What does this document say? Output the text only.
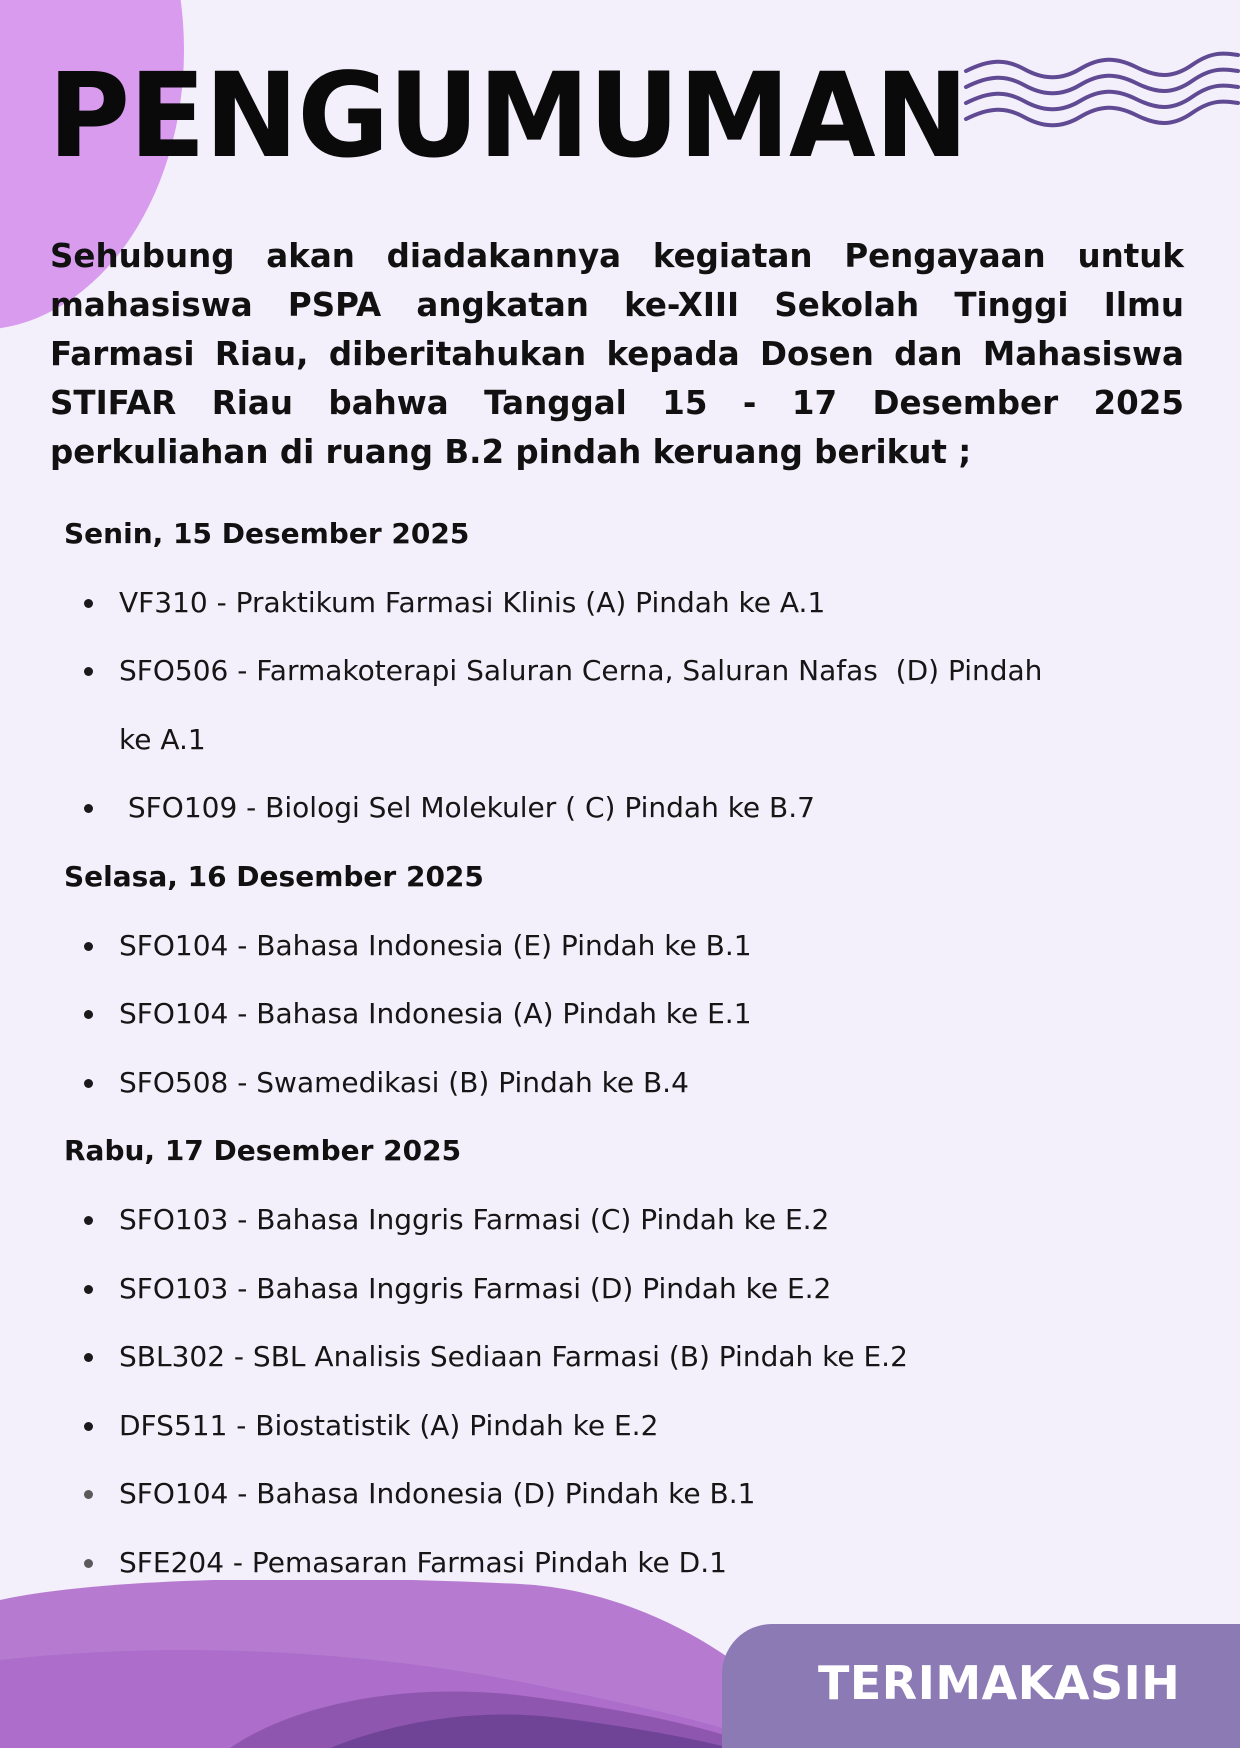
PENGUMUMAN

Sehubung akan diadakannya kegiatan Pengayaan untuk mahasiswa PSPA angkatan ke-XIII Sekolah Tinggi Ilmu Farmasi Riau, diberitahukan kepada Dosen dan Mahasiswa STIFAR Riau bahwa Tanggal 15 - 17 Desember 2025 perkuliahan di ruang B.2 pindah keruang berikut ;

Senin, 15 Desember 2025
VF310 - Praktikum Farmasi Klinis (A) Pindah ke A.1
SFO506 - Farmakoterapi Saluran Cerna, Saluran Nafas  (D) Pindah ke A.1
SFO109 - Biologi Sel Molekuler ( C) Pindah ke B.7
Selasa, 16 Desember 2025
SFO104 - Bahasa Indonesia (E) Pindah ke B.1
SFO104 - Bahasa Indonesia (A) Pindah ke E.1
SFO508 - Swamedikasi (B) Pindah ke B.4
Rabu, 17 Desember 2025
SFO103 - Bahasa Inggris Farmasi (C) Pindah ke E.2
SFO103 - Bahasa Inggris Farmasi (D) Pindah ke E.2
SBL302 - SBL Analisis Sediaan Farmasi (B) Pindah ke E.2
DFS511 - Biostatistik (A) Pindah ke E.2
SFO104 - Bahasa Indonesia (D) Pindah ke B.1
SFE204 - Pemasaran Farmasi Pindah ke D.1
TERIMAKASIH
